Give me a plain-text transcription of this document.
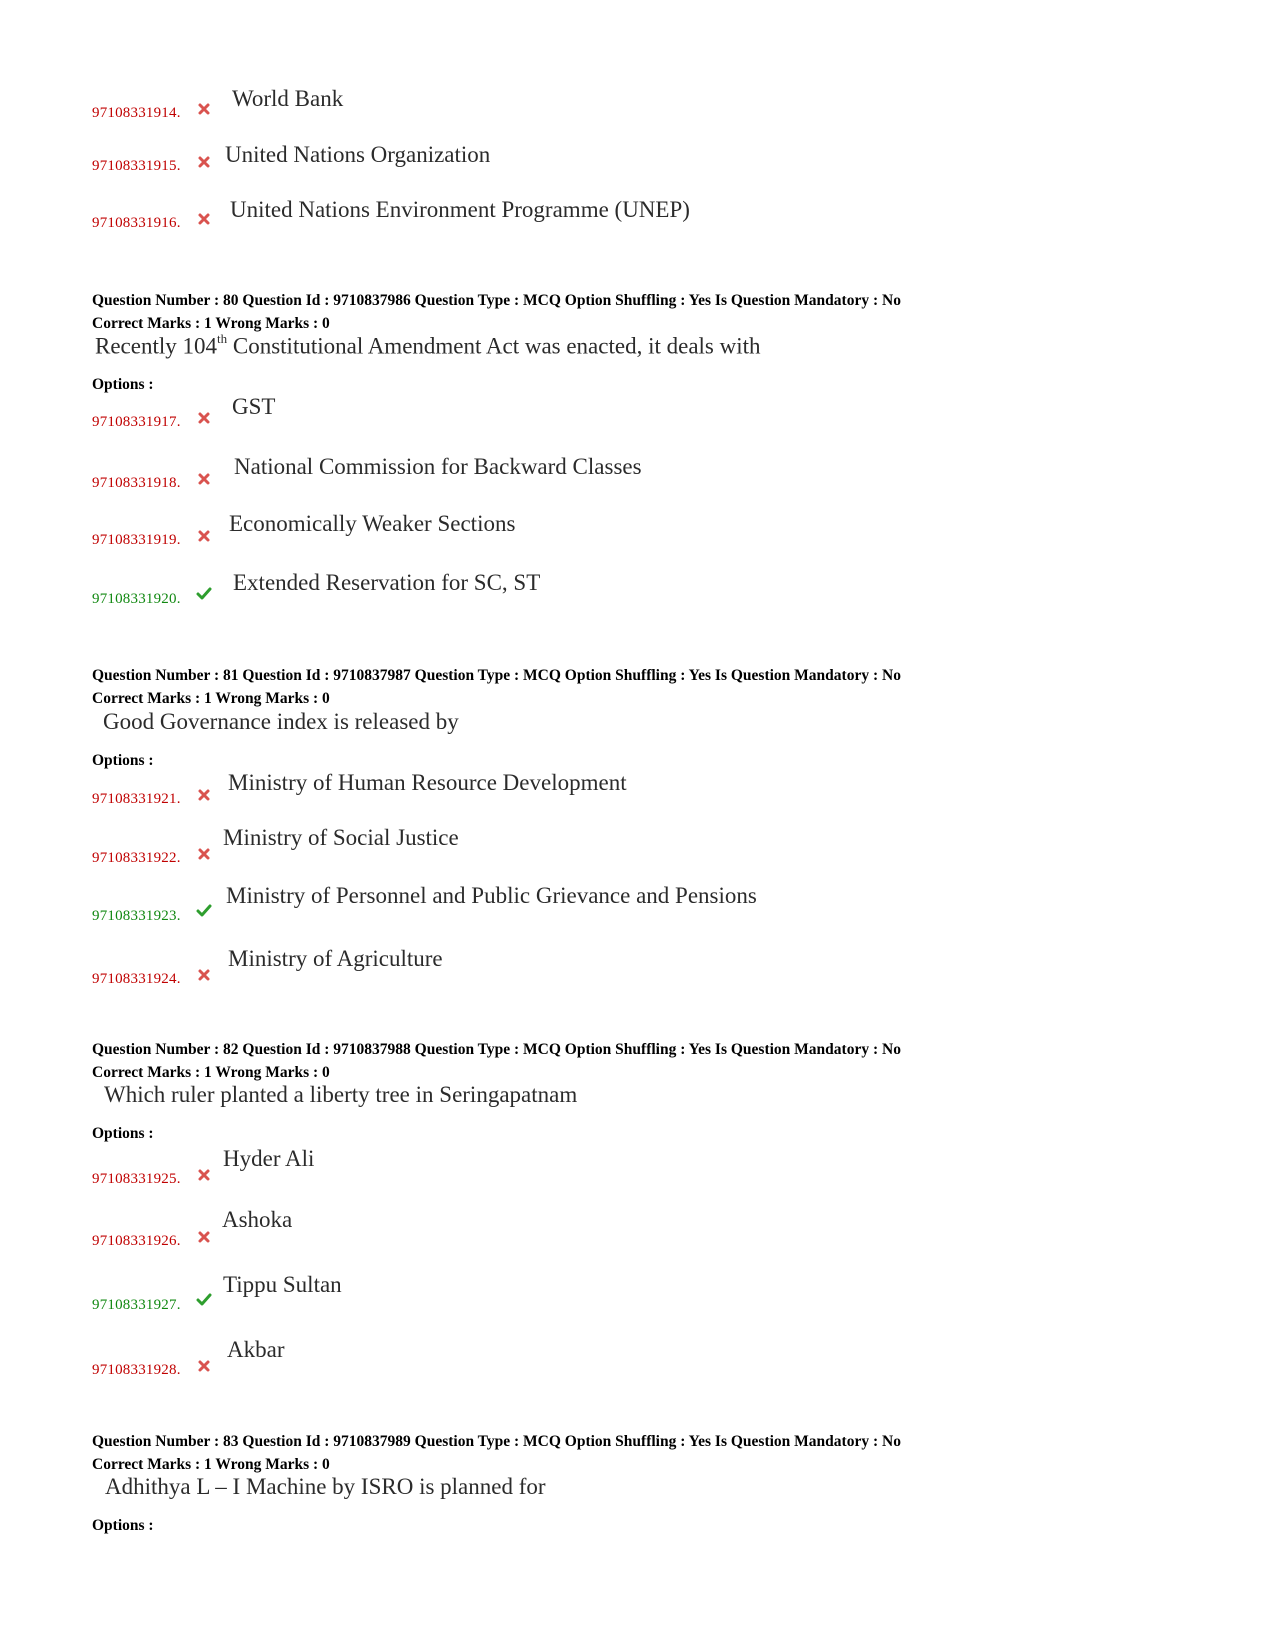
97108331914.
World Bank
97108331915. United Nations Organization
97108331916.
United Nations Environment Programme (UNEP)
Question Number : 80 Question Id : 9710837986 Question Type : MCQ Option Shuffling : Yes Is Question Mandatory : No
Correct Marks : 1 Wrong Marks : 0
Recently 104th Constitutional Amendment Act was enacted, it deals with
Options :
97108331917.
GST
97108331918.
National Commission for Backward Classes
97108331919.
Economically Weaker Sections
97108331920.
Extended Reservation for SC, ST
Question Number : 81 Question Id : 9710837987 Question Type : MCQ Option Shuffling : Yes Is Question Mandatory : No
Correct Marks : 1 Wrong Marks : 0
Good Governance index is released by
Options :
97108331921.
Ministry of Human Resource Development
97108331922.
Ministry of Social Justice
97108331923.
Ministry of Personnel and Public Grievance and Pensions
97108331924.
Ministry of Agriculture
Question Number : 82 Question Id : 9710837988 Question Type : MCQ Option Shuffling : Yes Is Question Mandatory : No
Correct Marks : 1 Wrong Marks : 0
Which ruler planted a liberty tree in Seringapatnam
Options :
97108331925.
Hyder Ali
97108331926.
Ashoka
97108331927.
Tippu Sultan
97108331928.
Akbar
Question Number : 83 Question Id : 9710837989 Question Type : MCQ Option Shuffling : Yes Is Question Mandatory : No
Correct Marks : 1 Wrong Marks : 0
Adhithya L – I Machine by ISRO is planned for
Options :
